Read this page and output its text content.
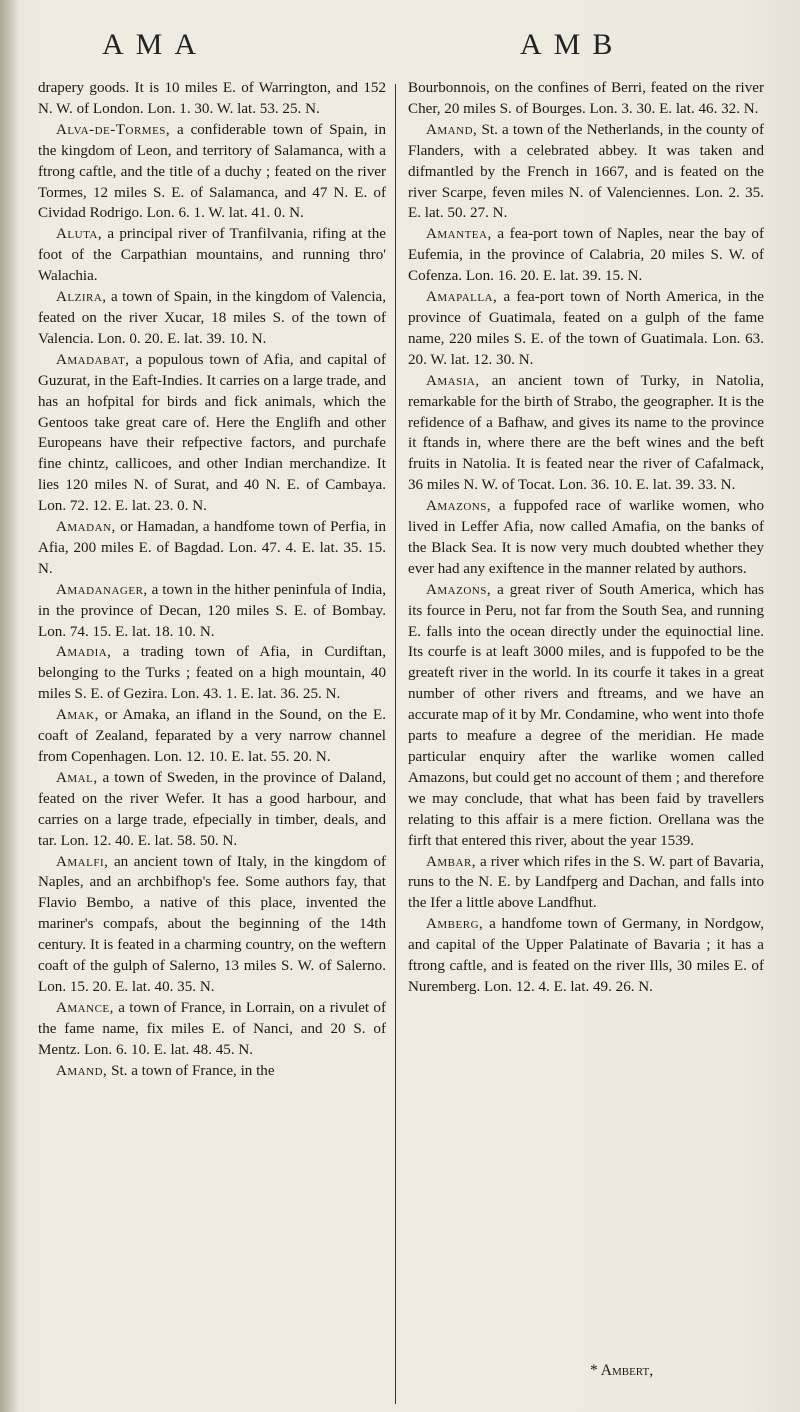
AMA	AMB

drapery goods. It is 10 miles E. of Warrington, and 152 N. W. of London. Lon. 1. 30. W. lat. 53. 25. N.

Alva-de-Tormes, a confiderable town of Spain, in the kingdom of Leon, and territory of Salamanca, with a ftrong caftle, and the title of a duchy ; feated on the river Tormes, 12 miles S. E. of Salamanca, and 47 N. E. of Cividad Rodrigo. Lon. 6. 1. W. lat. 41. 0. N.

Aluta, a principal river of Tranfilvania, rifing at the foot of the Carpathian mountains, and running thro' Walachia.

Alzira, a town of Spain, in the kingdom of Valencia, feated on the river Xucar, 18 miles S. of the town of Valencia. Lon. 0. 20. E. lat. 39. 10. N.

Amadabat, a populous town of Afia, and capital of Guzurat, in the Eaft-Indies. It carries on a large trade, and has an hofpital for birds and fick animals, which the Gentoos take great care of. Here the Englifh and other Europeans have their refpective factors, and purchafe fine chintz, callicoes, and other Indian merchandize. It lies 120 miles N. of Surat, and 40 N. E. of Cambaya. Lon. 72. 12. E. lat. 23. 0. N.

Amadan, or Hamadan, a handfome town of Perfia, in Afia, 200 miles E. of Bagdad. Lon. 47. 4. E. lat. 35. 15. N.

Amadanager, a town in the hither peninfula of India, in the province of Decan, 120 miles S. E. of Bombay. Lon. 74. 15. E. lat. 18. 10. N.

Amadia, a trading town of Afia, in Curdiftan, belonging to the Turks ; feated on a high mountain, 40 miles S. E. of Gezira. Lon. 43. 1. E. lat. 36. 25. N.

Amak, or Amaka, an ifland in the Sound, on the E. coaft of Zealand, feparated by a very narrow channel from Copenhagen. Lon. 12. 10. E. lat. 55. 20. N.

Amal, a town of Sweden, in the province of Daland, feated on the river Wefer. It has a good harbour, and carries on a large trade, efpecially in timber, deals, and tar. Lon. 12. 40. E. lat. 58. 50. N.

Amalfi, an ancient town of Italy, in the kingdom of Naples, and an archbifhop's fee. Some authors fay, that Flavio Bembo, a native of this place, invented the mariner's compafs, about the beginning of the 14th century. It is feated in a charming country, on the weftern coaft of the gulph of Salerno, 13 miles S. W. of Salerno. Lon. 15. 20. E. lat. 40. 35. N.

Amance, a town of France, in Lorrain, on a rivulet of the fame name, fix miles E. of Nanci, and 20 S. of Mentz. Lon. 6. 10. E. lat. 48. 45. N.

Amand, St. a town of France, in the

Bourbonnois, on the confines of Berri, feated on the river Cher, 20 miles S. of Bourges. Lon. 3. 30. E. lat. 46. 32. N.

Amand, St. a town of the Netherlands, in the county of Flanders, with a celebrated abbey. It was taken and difmantled by the French in 1667, and is feated on the river Scarpe, feven miles N. of Valenciennes. Lon. 2. 35. E. lat. 50. 27. N.

Amantea, a fea-port town of Naples, near the bay of Eufemia, in the province of Calabria, 20 miles S. W. of Cofenza. Lon. 16. 20. E. lat. 39. 15. N.

Amapalla, a fea-port town of North America, in the province of Guatimala, feated on a gulph of the fame name, 220 miles S. E. of the town of Guatimala. Lon. 63. 20. W. lat. 12. 30. N.

Amasia, an ancient town of Turky, in Natolia, remarkable for the birth of Strabo, the geographer. It is the refidence of a Bafhaw, and gives its name to the province it ftands in, where there are the beft wines and the beft fruits in Natolia. It is feated near the river of Cafalmack, 36 miles N. W. of Tocat. Lon. 36. 10. E. lat. 39. 33. N.

Amazons, a fuppofed race of warlike women, who lived in Leffer Afia, now called Amafia, on the banks of the Black Sea. It is now very much doubted whether they ever had any exiftence in the manner related by authors.

Amazons, a great river of South America, which has its fource in Peru, not far from the South Sea, and running E. falls into the ocean directly under the equinoctial line. Its courfe is at leaft 3000 miles, and is fuppofed to be the greateft river in the world. In its courfe it takes in a great number of other rivers and ftreams, and we have an accurate map of it by Mr. Condamine, who went into thofe parts to meafure a degree of the meridian. He made particular enquiry after the warlike women called Amazons, but could get no account of them ; and therefore we may conclude, that what has been faid by travellers relating to this affair is a mere fiction. Orellana was the firft that entered this river, about the year 1539.

Ambar, a river which rifes in the S. W. part of Bavaria, runs to the N. E. by Landfperg and Dachan, and falls into the Ifer a little above Landfhut.

Amberg, a handfome town of Germany, in Nordgow, and capital of the Upper Palatinate of Bavaria ; it has a ftrong caftle, and is feated on the river Ills, 30 miles E. of Nuremberg. Lon. 12. 4. E. lat. 49. 26. N.

* Ambert,
